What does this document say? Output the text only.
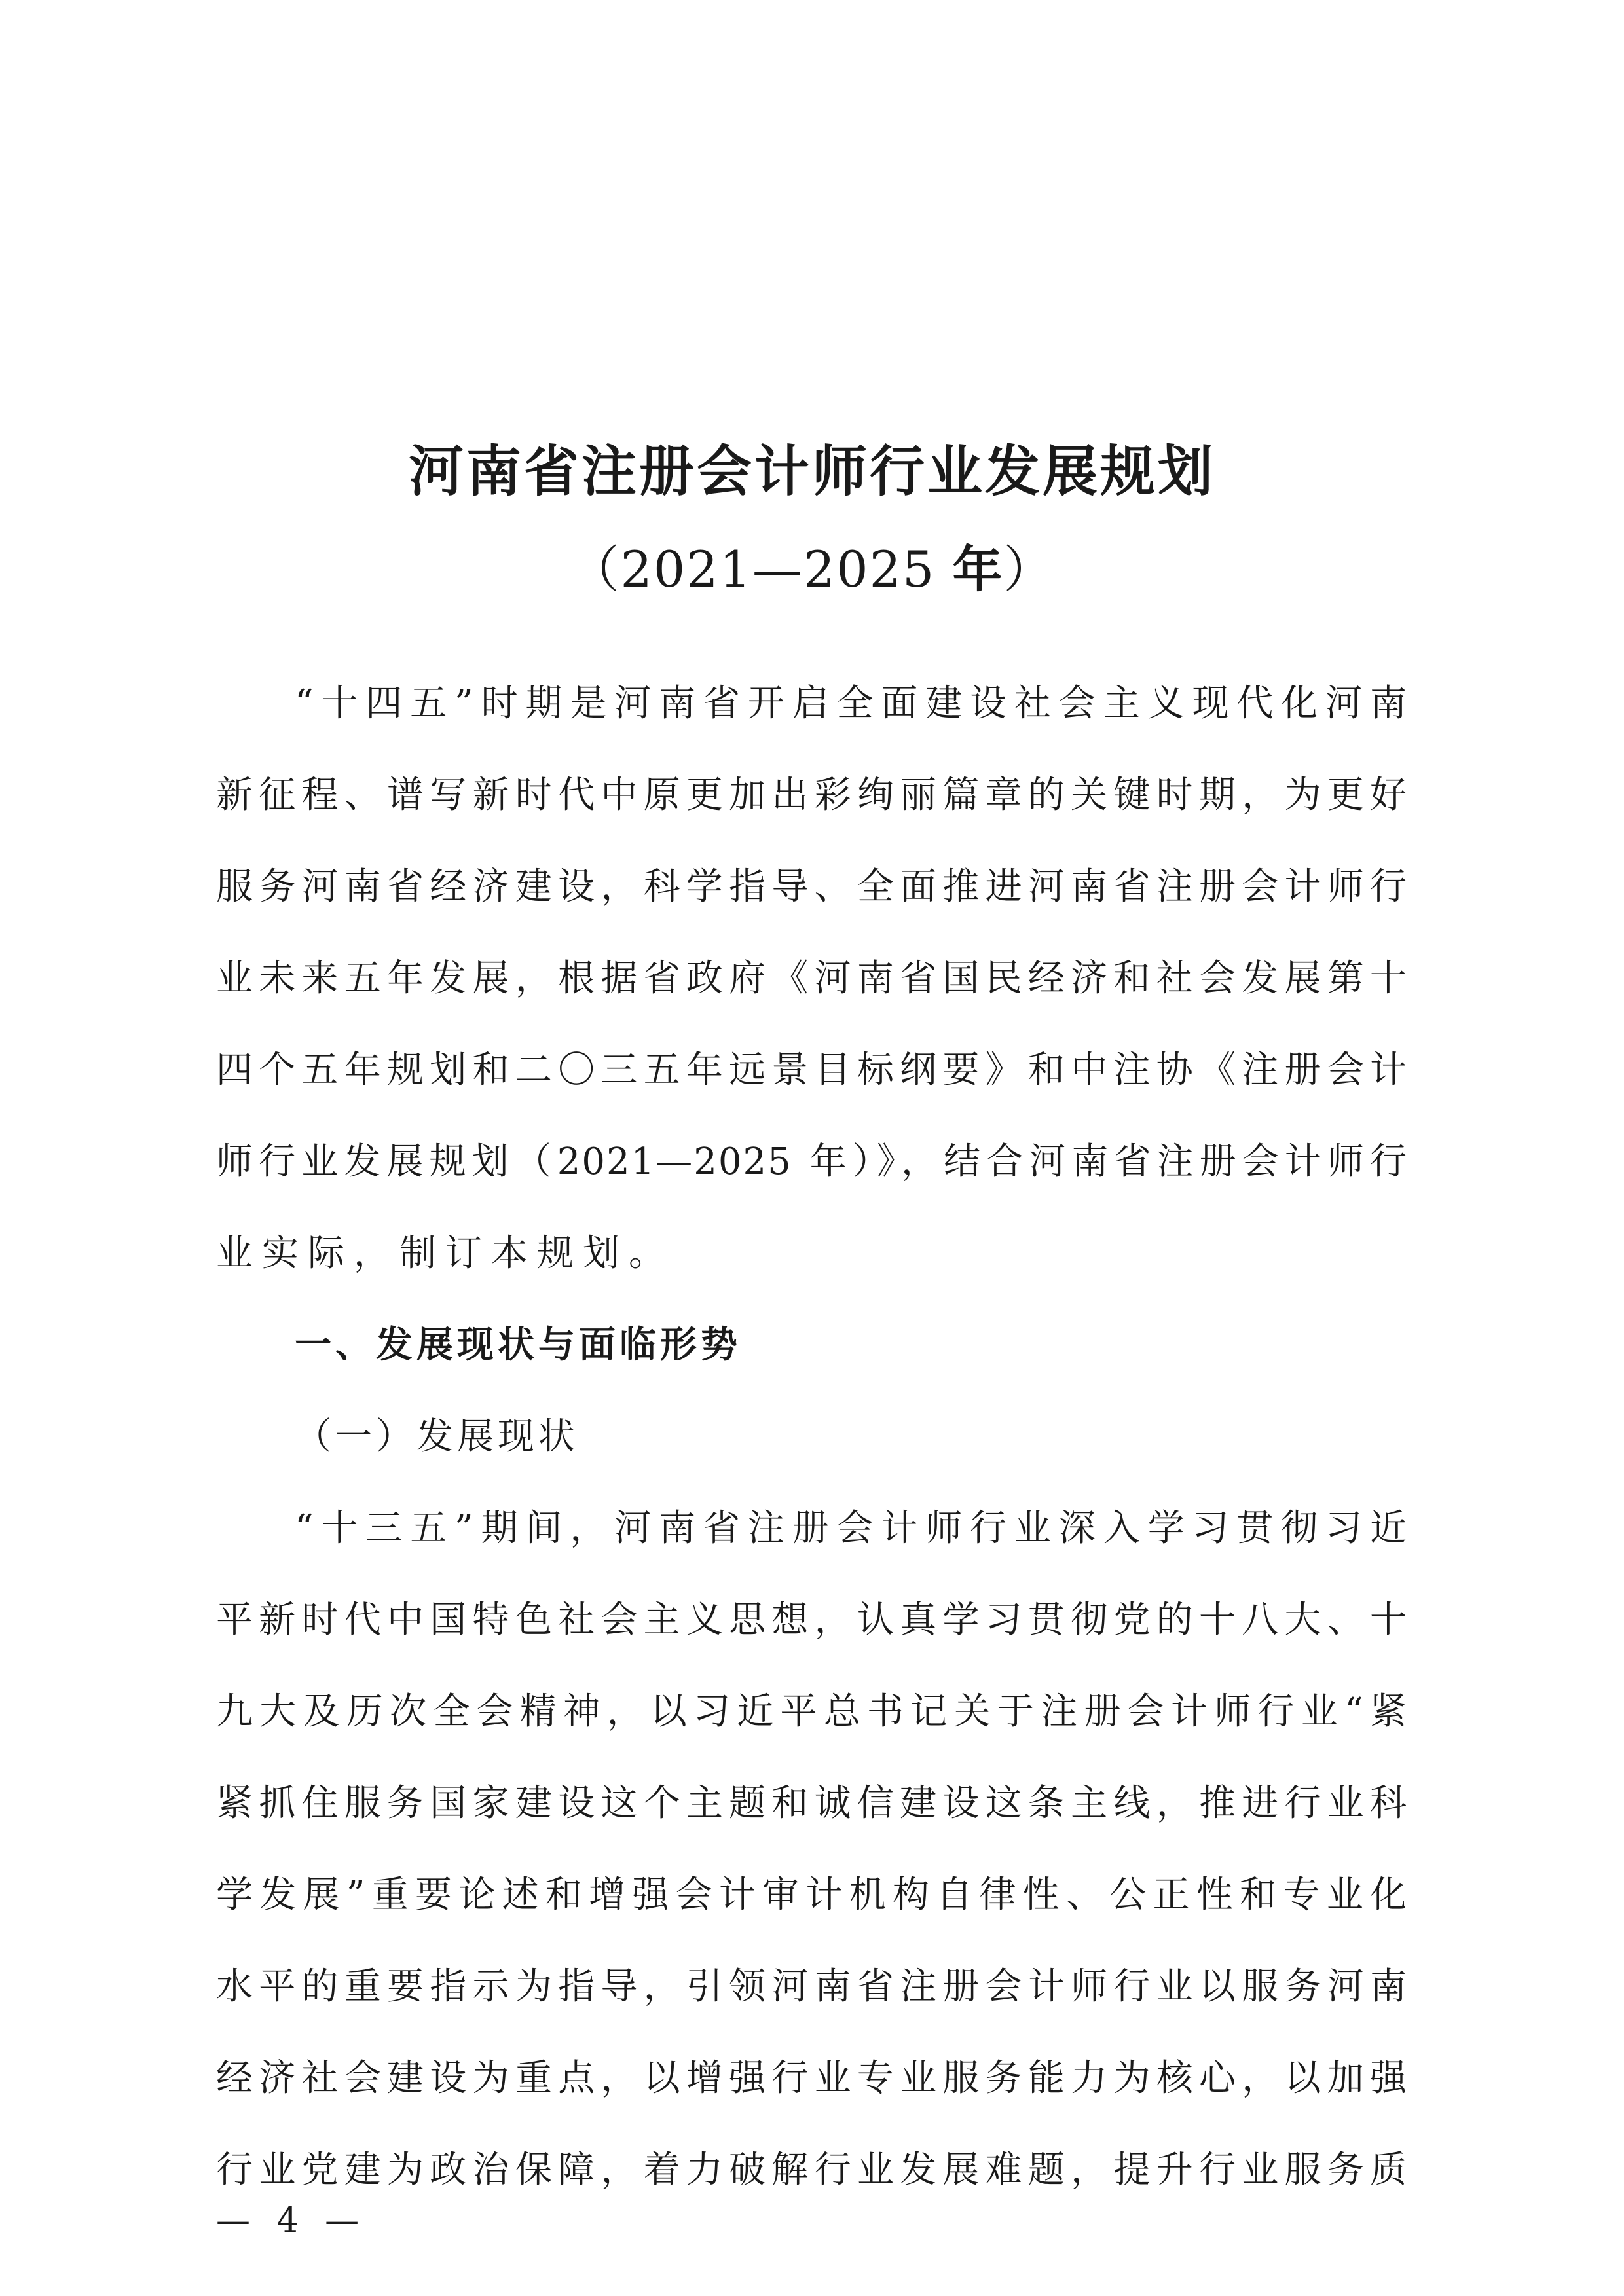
河南省注册会计师行业发展规划
（2021—2025 年）
“十四五”时期是河南省开启全面建设社会主义现代化河南
新征程、谱写新时代中原更加出彩绚丽篇章的关键时期，为更好
服务河南省经济建设，科学指导、全面推进河南省注册会计师行
业未来五年发展，根据省政府《河南省国民经济和社会发展第十
四个五年规划和二〇三五年远景目标纲要》和中注协《注册会计
师行业发展规划（2021—2025 年）》，结合河南省注册会计师行
业实际，制订本规划。
一、发展现状与面临形势
（一）发展现状
“十三五”期间，河南省注册会计师行业深入学习贯彻习近
平新时代中国特色社会主义思想，认真学习贯彻党的十八大、十
九大及历次全会精神，以习近平总书记关于注册会计师行业“紧
紧抓住服务国家建设这个主题和诚信建设这条主线，推进行业科
学发展”重要论述和增强会计审计机构自律性、公正性和专业化
水平的重要指示为指导，引领河南省注册会计师行业以服务河南
经济社会建设为重点，以增强行业专业服务能力为核心，以加强
行业党建为政治保障，着力破解行业发展难题，提升行业服务质
— 4 —
